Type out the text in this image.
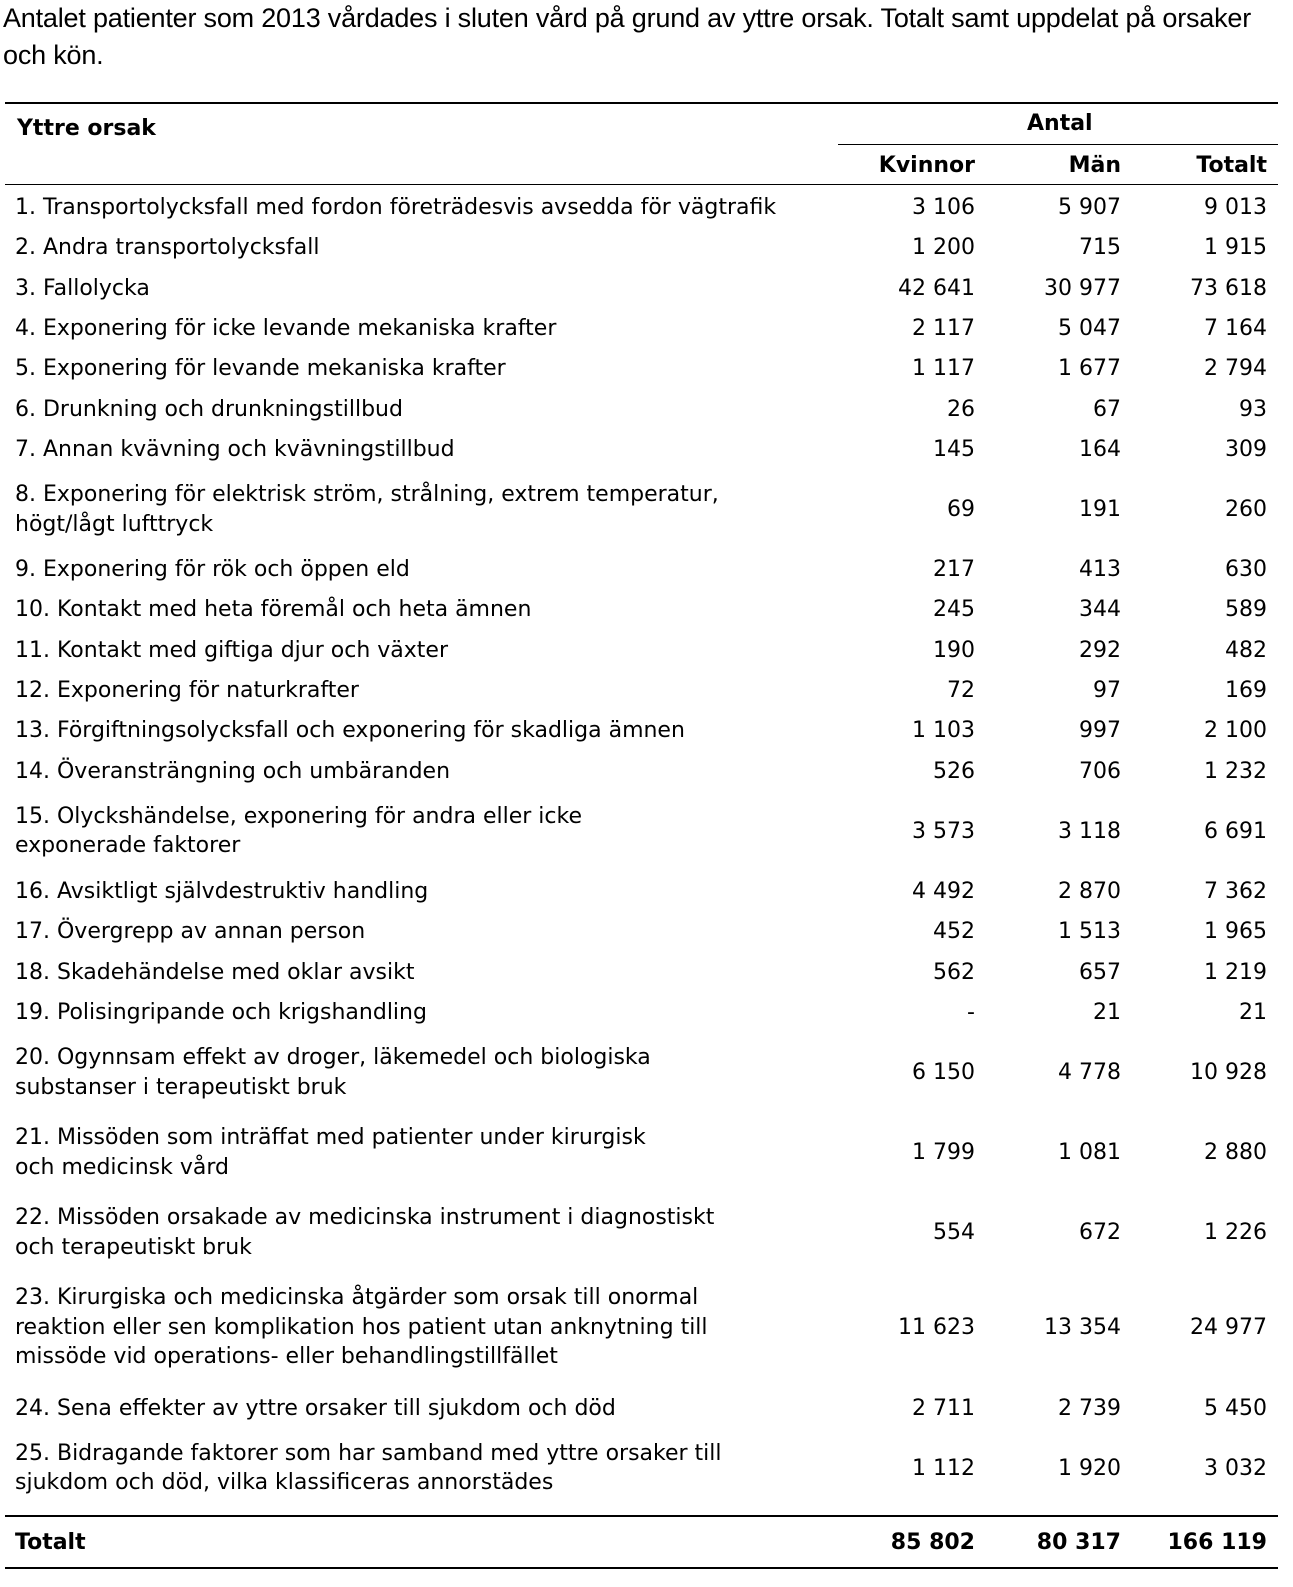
Antalet patienter som 2013 vårdades i sluten vård på grund av yttre orsak. Totalt samt uppdelat på orsaker och kön.
Yttre orsak	Antal
Kvinnor	Män	Totalt
1. Transportolycksfall med fordon företrädesvis avsedda för vägtrafik	3 106	5 907	9 013
2. Andra transportolycksfall	1 200	715	1 915
3. Fallolycka	42 641	30 977	73 618
4. Exponering för icke levande mekaniska krafter	2 117	5 047	7 164
5. Exponering för levande mekaniska krafter	1 117	1 677	2 794
6. Drunkning och drunkningstillbud	26	67	93
7. Annan kvävning och kvävningstillbud	145	164	309
8. Exponering för elektrisk ström, strålning, extrem temperatur,
högt/lågt lufttryck
69	191	260
9. Exponering för rök och öppen eld	217	413	630
10. Kontakt med heta föremål och heta ämnen	245	344	589
11. Kontakt med giftiga djur och växter	190	292	482
12. Exponering för naturkrafter	72	97	169
13. Förgiftningsolycksfall och exponering för skadliga ämnen	1 103	997	2 100
14. Överansträngning och umbäranden	526	706	1 232
15. Olyckshändelse, exponering för andra eller icke
exponerade faktorer
3 573	3 118	6 691
16. Avsiktligt självdestruktiv handling	4 492	2 870	7 362
17. Övergrepp av annan person	452	1 513	1 965
18. Skadehändelse med oklar avsikt	562	657	1 219
19. Polisingripande och krigshandling	-	21	21
20. Ogynnsam effekt av droger, läkemedel och biologiska
substanser i terapeutiskt bruk
6 150	4 778	10 928
21. Missöden som inträffat med patienter under kirurgisk
och medicinsk vård
1 799	1 081	2 880
22. Missöden orsakade av medicinska instrument i diagnostiskt
och terapeutiskt bruk
554	672	1 226
23. Kirurgiska och medicinska åtgärder som orsak till onormal
reaktion eller sen komplikation hos patient utan anknytning till
missöde vid operations- eller behandlingstillfället
11 623	13 354	24 977
24. Sena effekter av yttre orsaker till sjukdom och död	2 711	2 739	5 450
25. Bidragande faktorer som har samband med yttre orsaker till
sjukdom och död, vilka klassificeras annorstädes
1 112	1 920	3 032
Totalt	85 802	80 317	166 119
